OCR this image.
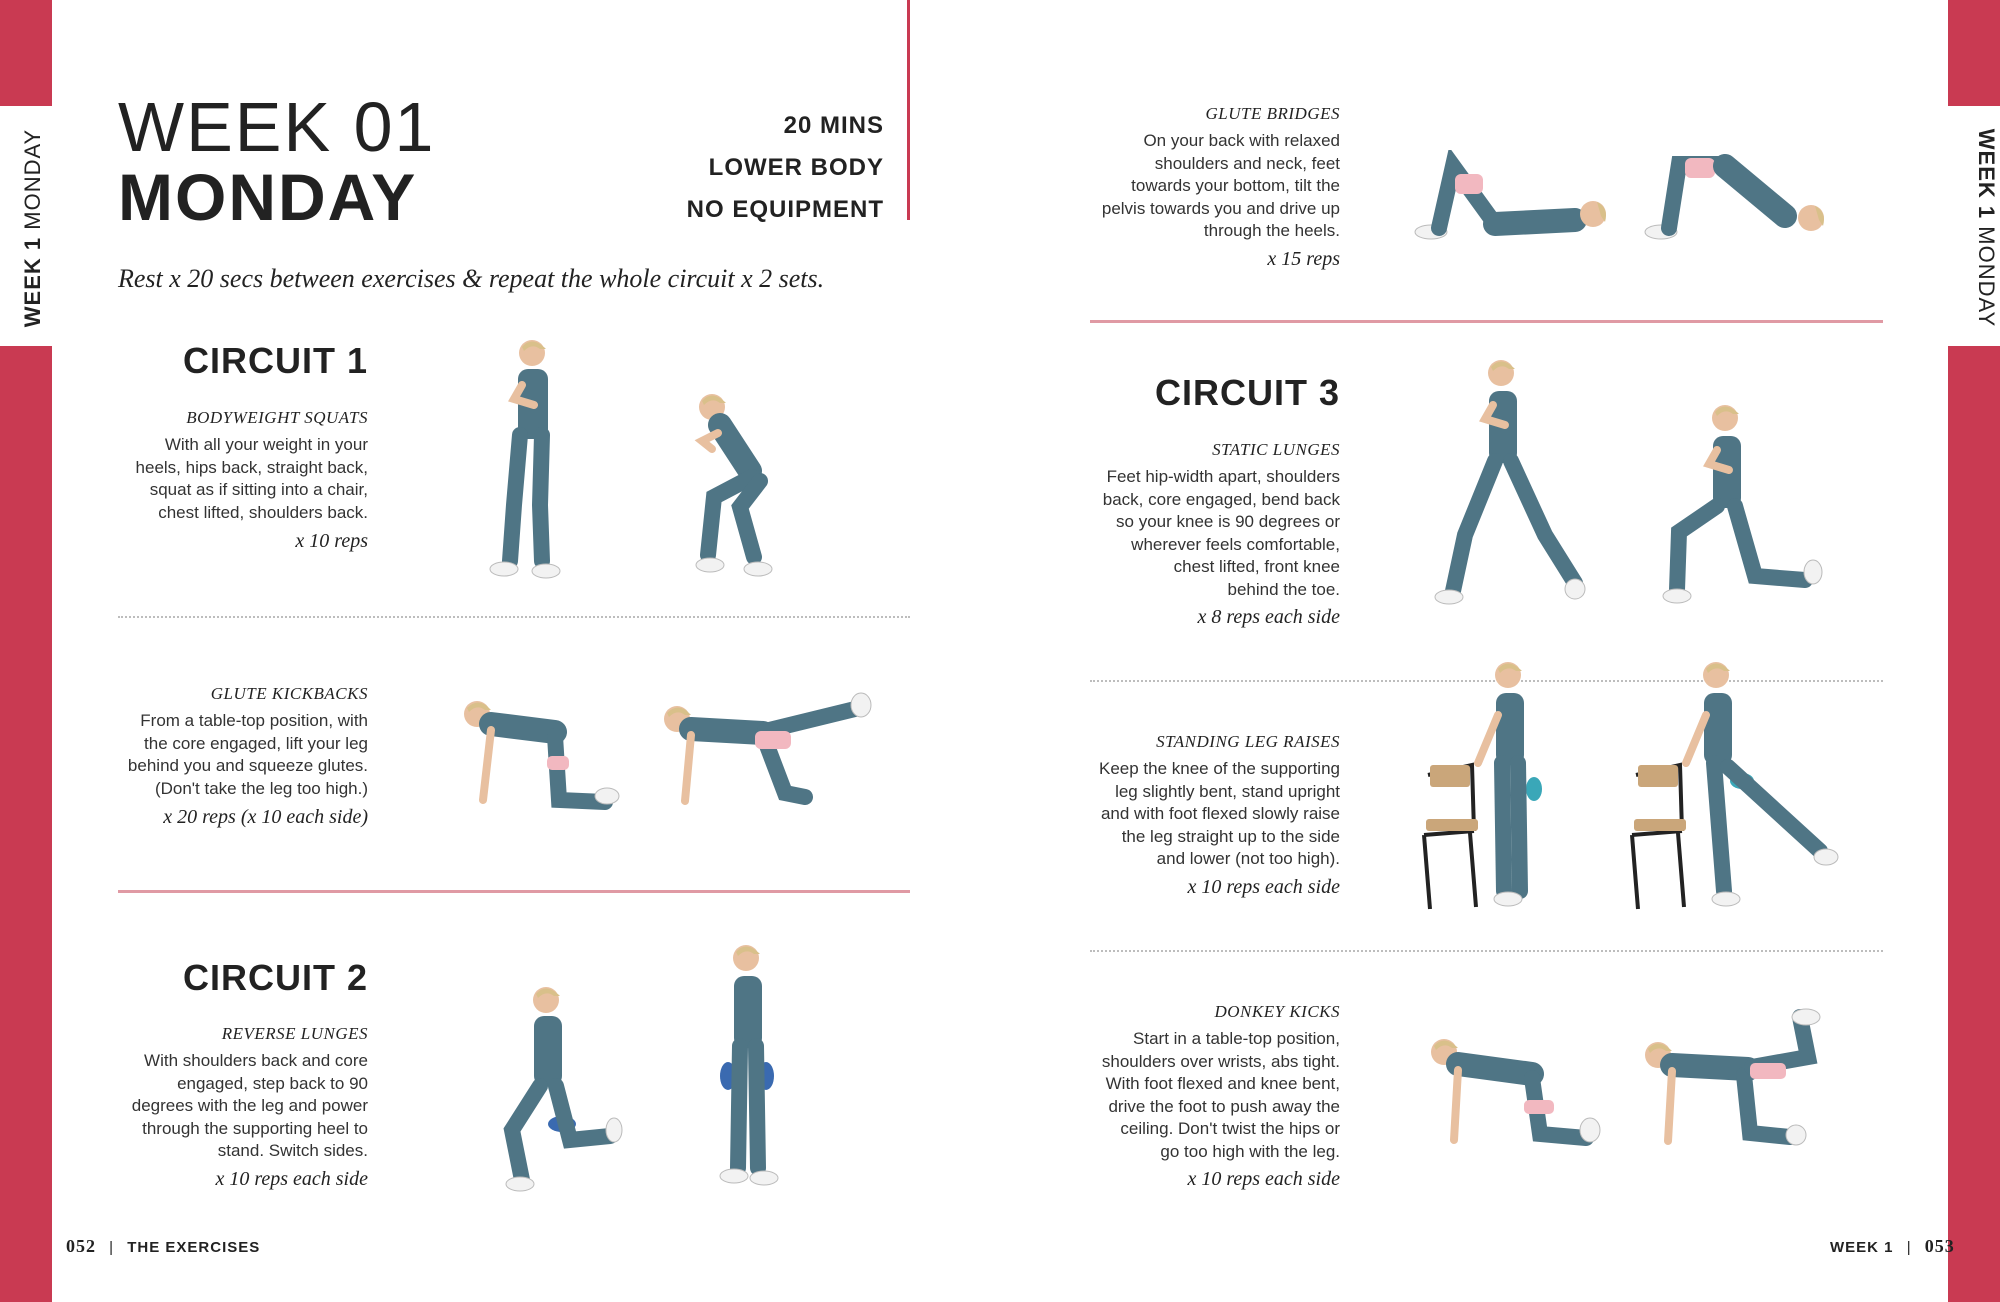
WEEK 1 MONDAY	WEEK 1 MONDAY
WEEK 01
MONDAY
20 MINS
LOWER BODY
NO EQUIPMENT
Rest x 20 secs between exercises & repeat the whole circuit x 2 sets.
CIRCUIT 1
BODYWEIGHT SQUATS
With all your weight in your
heels, hips back, straight back,
squat as if sitting into a chair,
chest lifted, shoulders back.
x 10 reps
GLUTE KICKBACKS
From a table-top position, with
the core engaged, lift your leg
behind you and squeeze glutes.
(Don't take the leg too high.)
x 20 reps (x 10 each side)
CIRCUIT 2
REVERSE LUNGES
With shoulders back and core
engaged, step back to 90
degrees with the leg and power
through the supporting heel to
stand. Switch sides.
x 10 reps each side
052 | THE EXERCISES
GLUTE BRIDGES
On your back with relaxed
shoulders and neck, feet
towards your bottom, tilt the
pelvis towards you and drive up
through the heels.
x 15 reps
CIRCUIT 3
STATIC LUNGES
Feet hip-width apart, shoulders
back, core engaged, bend back
so your knee is 90 degrees or
wherever feels comfortable,
chest lifted, front knee
behind the toe.
x 8 reps each side
STANDING LEG RAISES
Keep the knee of the supporting
leg slightly bent, stand upright
and with foot flexed slowly raise
the leg straight up to the side
and lower (not too high).
x 10 reps each side
DONKEY KICKS
Start in a table-top position,
shoulders over wrists, abs tight.
With foot flexed and knee bent,
drive the foot to push away the
ceiling. Don't twist the hips or
go too high with the leg.
x 10 reps each side
WEEK 1 | 053
